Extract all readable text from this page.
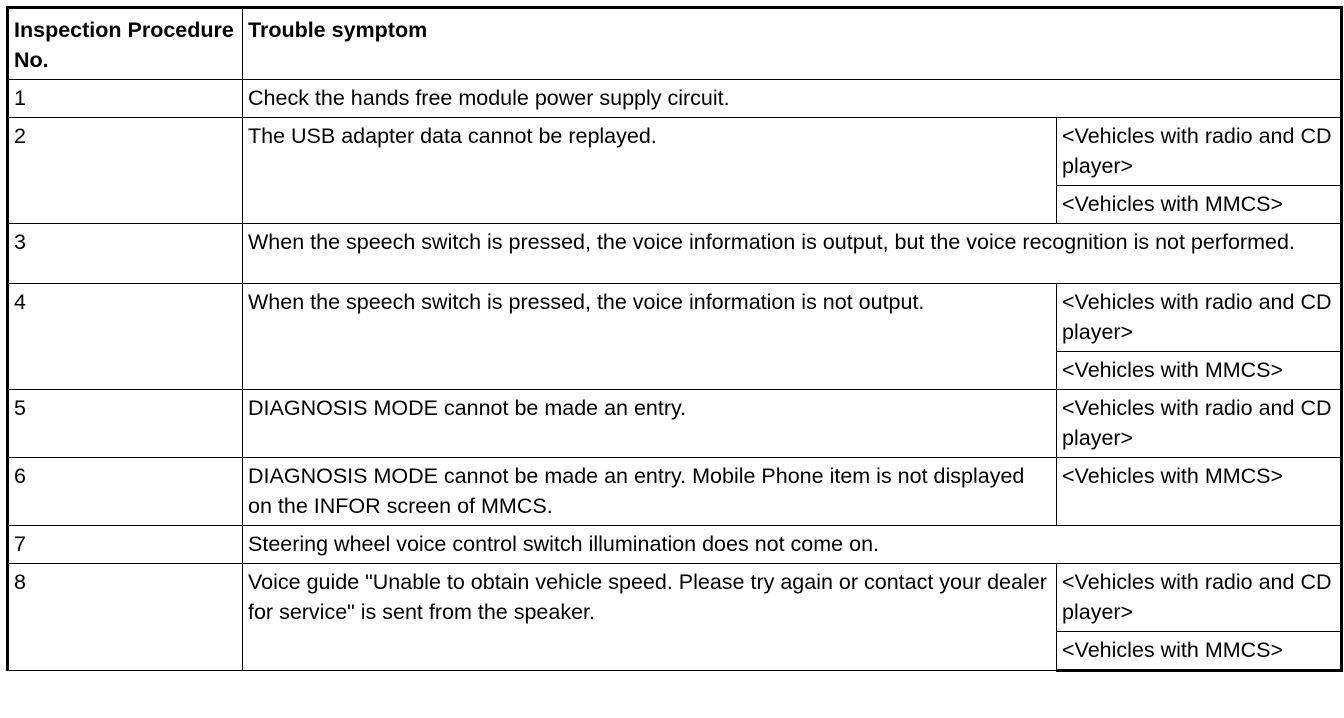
Inspection Procedure No.	Trouble symptom	
1	Check the hands free module power supply circuit.	
2	The USB adapter data cannot be replayed.	<Vehicles with radio and CD player>
		<Vehicles with MMCS>
3	When the speech switch is pressed, the voice information is output, but the voice recognition is not performed.	
4	When the speech switch is pressed, the voice information is not output.	<Vehicles with radio and CD player>
		<Vehicles with MMCS>
5	DIAGNOSIS MODE cannot be made an entry.	<Vehicles with radio and CD player>
6	DIAGNOSIS MODE cannot be made an entry. Mobile Phone item is not displayed on the INFOR screen of MMCS.	<Vehicles with MMCS>
7	Steering wheel voice control switch illumination does not come on.	
8	Voice guide "Unable to obtain vehicle speed. Please try again or contact your dealer for service" is sent from the speaker.	<Vehicles with radio and CD player>
		<Vehicles with MMCS>
